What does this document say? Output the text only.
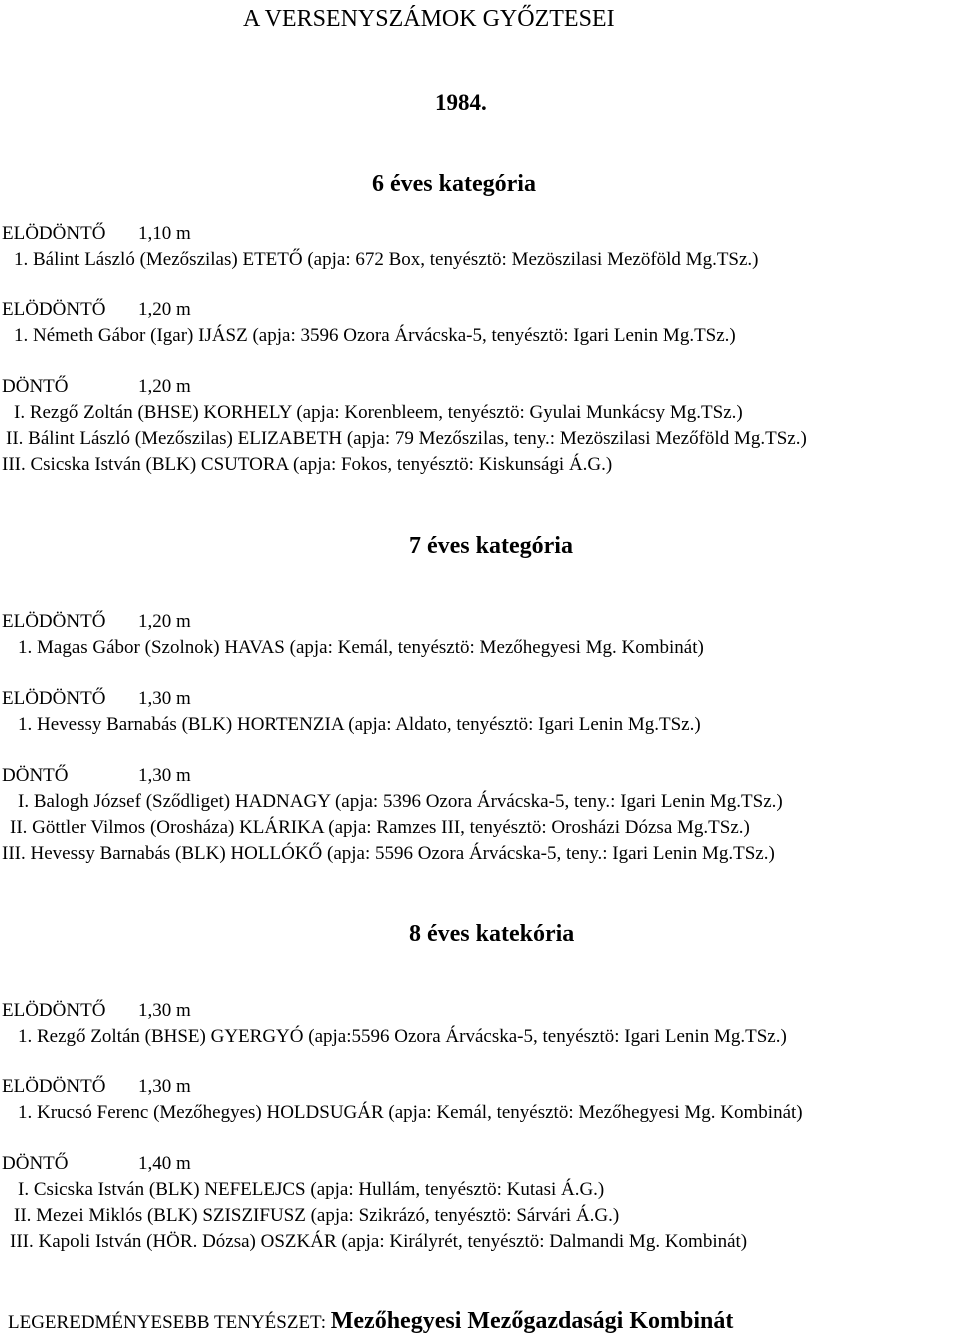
A VERSENYSZÁMOK GYŐZTESEI
1984.
6 éves kategória
ELÖDÖNTŐ 1,10 m
1. Bálint László (Mezőszilas) ETETŐ (apja: 672 Box, tenyésztö: Mezöszilasi Mezöföld Mg.TSz.)
ELÖDÖNTŐ 1,20 m
1. Németh Gábor (Igar) IJÁSZ (apja: 3596 Ozora Árvácska-5, tenyésztö: Igari Lenin Mg.TSz.)
DÖNTŐ	1,20 m
I. Rezgő Zoltán (BHSE) KORHELY (apja: Korenbleem, tenyésztö: Gyulai Munkácsy Mg.TSz.)
II. Bálint László (Mezőszilas) ELIZABETH (apja: 79 Mezőszilas, teny.: Mezöszilasi Mezőföld Mg.TSz.)
III. Csicska István (BLK) CSUTORA (apja: Fokos, tenyésztö: Kiskunsági Á.G.)
7 éves kategória
ELÖDÖNTŐ 1,20 m
1. Magas Gábor (Szolnok) HAVAS (apja: Kemál, tenyésztö: Mezőhegyesi Mg. Kombinát)
ELÖDÖNTŐ 1,30 m
1. Hevessy Barnabás (BLK) HORTENZIA (apja: Aldato, tenyésztö: Igari Lenin Mg.TSz.)
DÖNTŐ	1,30 m
I. Balogh József (Sződliget) HADNAGY (apja: 5396 Ozora Árvácska-5, teny.: Igari Lenin Mg.TSz.)
II. Göttler Vilmos (Orosháza) KLÁRIKA (apja: Ramzes III, tenyésztö: Orosházi Dózsa Mg.TSz.)
III. Hevessy Barnabás (BLK) HOLLÓKŐ (apja: 5596 Ozora Árvácska-5, teny.: Igari Lenin Mg.TSz.)
8 éves katekória
ELÖDÖNTŐ 1,30 m
1. Rezgő Zoltán (BHSE) GYERGYÓ (apja:5596 Ozora Árvácska-5, tenyésztö: Igari Lenin Mg.TSz.)
ELÖDÖNTŐ 1,30 m
1. Krucsó Ferenc (Mezőhegyes) HOLDSUGÁR (apja: Kemál, tenyésztö: Mezőhegyesi Mg. Kombinát)
DÖNTŐ	1,40 m
I. Csicska István (BLK) NEFELEJCS (apja: Hullám, tenyésztö: Kutasi Á.G.)
II. Mezei Miklós (BLK) SZISZIFUSZ (apja: Szikrázó, tenyésztö: Sárvári Á.G.)
III. Kapoli István (HÖR. Dózsa) OSZKÁR (apja: Királyrét, tenyésztö: Dalmandi Mg. Kombinát)
LEGEREDMÉNYESEBB TENYÉSZET: Mezőhegyesi Mezőgazdasági Kombinát
